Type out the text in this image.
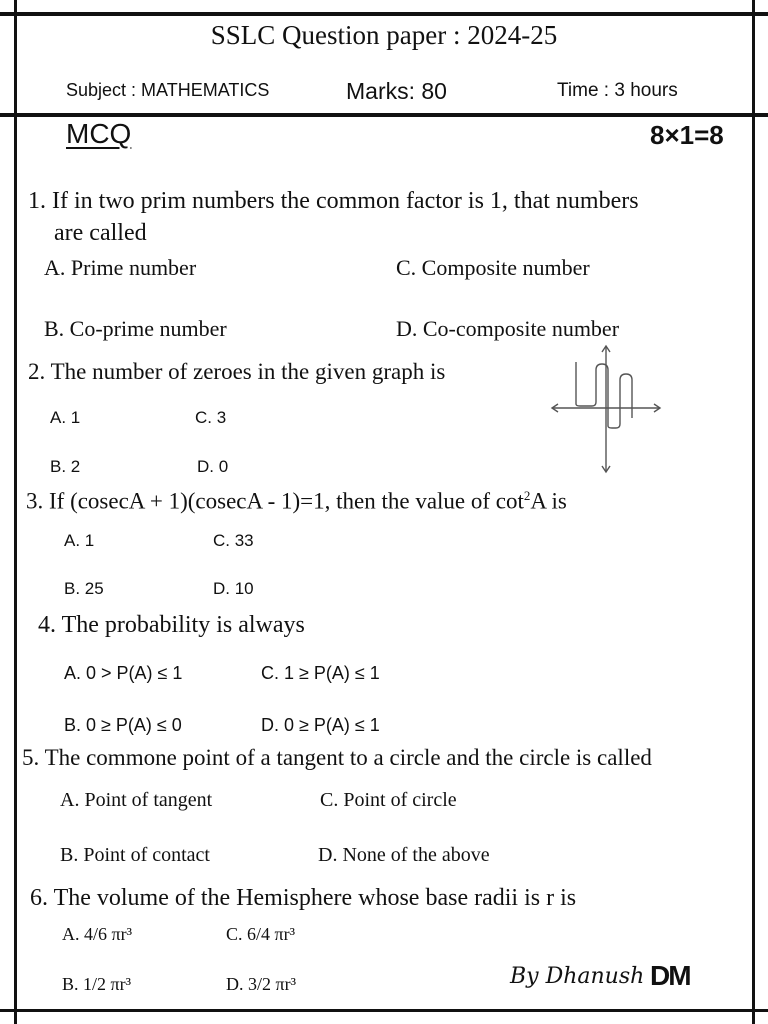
SSLC Question paper : 2024-25
Subject : MATHEMATICS	Marks: 80	Time : 3 hours
MCQ	8×1=8
1. If in two prim numbers the common factor is 1, that numbers
are called
A. Prime number	C. Composite number
B. Co-prime number	D. Co-composite number
2. The number of zeroes in the given graph is
A. 1	C. 3
B. 2	D. 0
3. If (cosecA + 1)(cosecA - 1)=1, then the value of $\cot^2A$ is
A. 1	C. 33
B. 25	D. 10
4. The probability is always
A. 0 > P(A) ≤ 1	C. 1 ≥ P(A) ≤ 1
B. 0 ≥ P(A) ≤ 0	D. 0 ≥ P(A) ≤ 1
5. The commone point of a tangent to a circle and the circle is called
A. Point of tangent	C. Point of circle
B. Point of contact	D. None of the above
6. The volume of the Hemisphere whose base radii is r is
A. 4/6 πr³	C. 6/4 πr³
B. 1/2 πr³	D. 3/2 πr³	By Dhanush DM
